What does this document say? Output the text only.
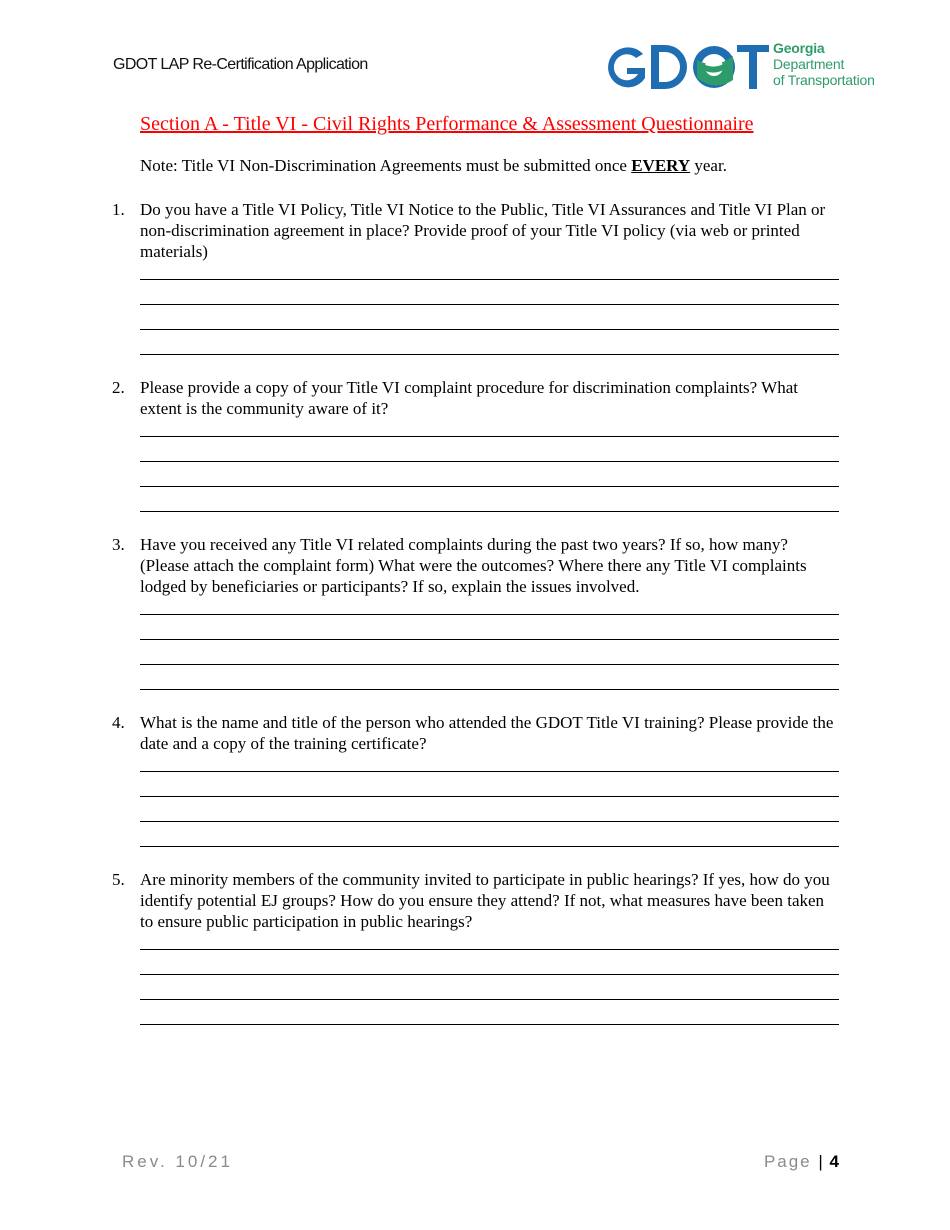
GDOT LAP Re-Certification Application
Georgia
Department
of Transportation
Section A - Title VI - Civil Rights Performance & Assessment Questionnaire
Note: Title VI Non-Discrimination Agreements must be submitted once EVERY year.
1. Do you have a Title VI Policy, Title VI Notice to the Public, Title VI Assurances and Title VI Plan or non-discrimination agreement in place? Provide proof of your Title VI policy (via web or printed materials)
2. Please provide a copy of your Title VI complaint procedure for discrimination complaints? What extent is the community aware of it?
3. Have you received any Title VI related complaints during the past two years? If so, how many? (Please attach the complaint form) What were the outcomes? Where there any Title VI complaints lodged by beneficiaries or participants? If so, explain the issues involved.
4. What is the name and title of the person who attended the GDOT Title VI training? Please provide the date and a copy of the training certificate?
5. Are minority members of the community invited to participate in public hearings? If yes, how do you identify potential EJ groups? How do you ensure they attend? If not, what measures have been taken to ensure public participation in public hearings?
Rev. 10/21	Page | 4
